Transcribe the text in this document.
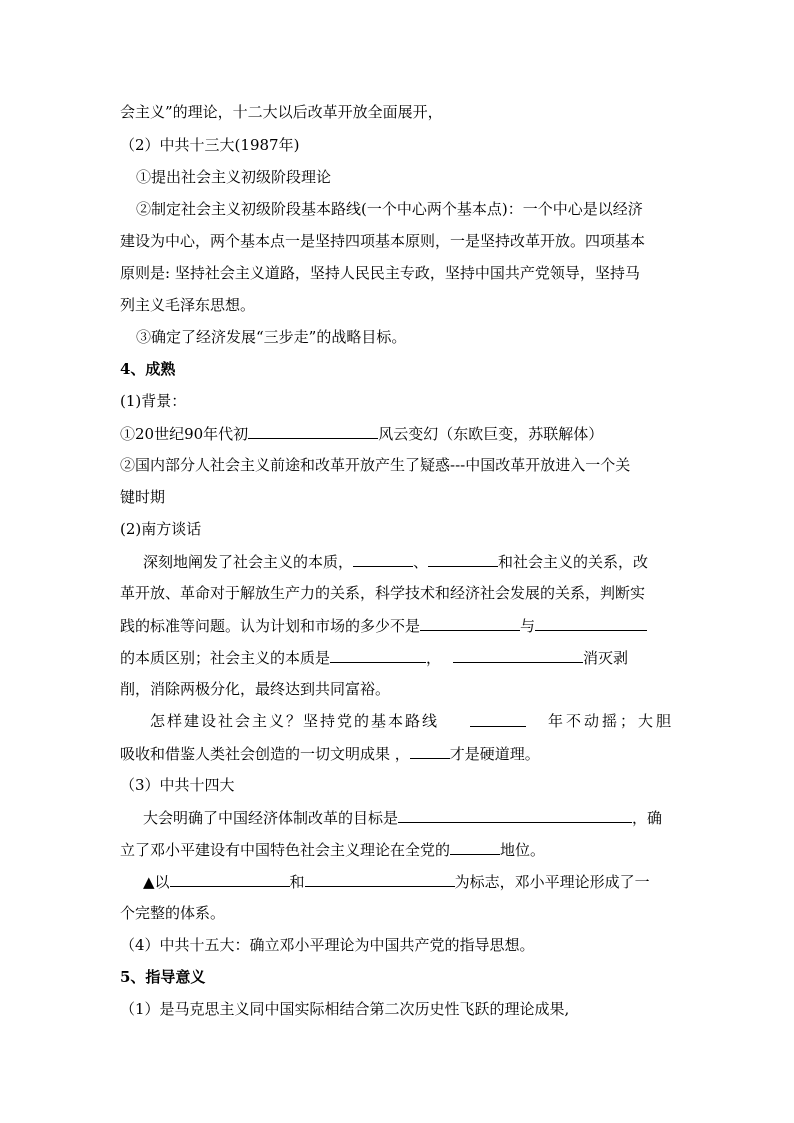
会主义”的理论，十二大以后改革开放全面展开，
（2）中共十三大(1987年)
①提出社会主义初级阶段理论
②制定社会主义初级阶段基本路线(一个中心两个基本点)：一个中心是以经济
建设为中心，两个基本点一是坚持四项基本原则，一是坚持改革开放。四项基本
原则是: 坚持社会主义道路，坚持人民民主专政，坚持中国共产党领导，坚持马
列主义毛泽东思想。
③确定了经济发展“三步走”的战略目标。
4、成熟
(1)背景：
①20世纪90年代初	风云变幻（东欧巨变，苏联解体）
②国内部分人社会主义前途和改革开放产生了疑惑---中国改革开放进入一个关
键时期
(2)南方谈话
深刻地阐发了社会主义的本质，	、	和社会主义的关系，改
革开放、革命对于解放生产力的关系，科学技术和经济社会发展的关系，判断实
践的标准等问题。认为计划和市场的多少不是	与
的本质区别；社会主义的本质是	，	消灭剥
削，消除两极分化，最终达到共同富裕。
怎样建设社会主义？坚持党的基本路线	年不动摇；大胆
吸收和借鉴人类社会创造的一切文明成果 ，	才是硬道理。
（3）中共十四大
大会明确了中国经济体制改革的目标是	，确
立了邓小平建设有中国特色社会主义理论在全党的	地位。
▲以	和	为标志，邓小平理论形成了一
个完整的体系。
（4）中共十五大：确立邓小平理论为中国共产党的指导思想。
5、指导意义
（1）是马克思主义同中国实际相结合第二次历史性飞跃的理论成果,
